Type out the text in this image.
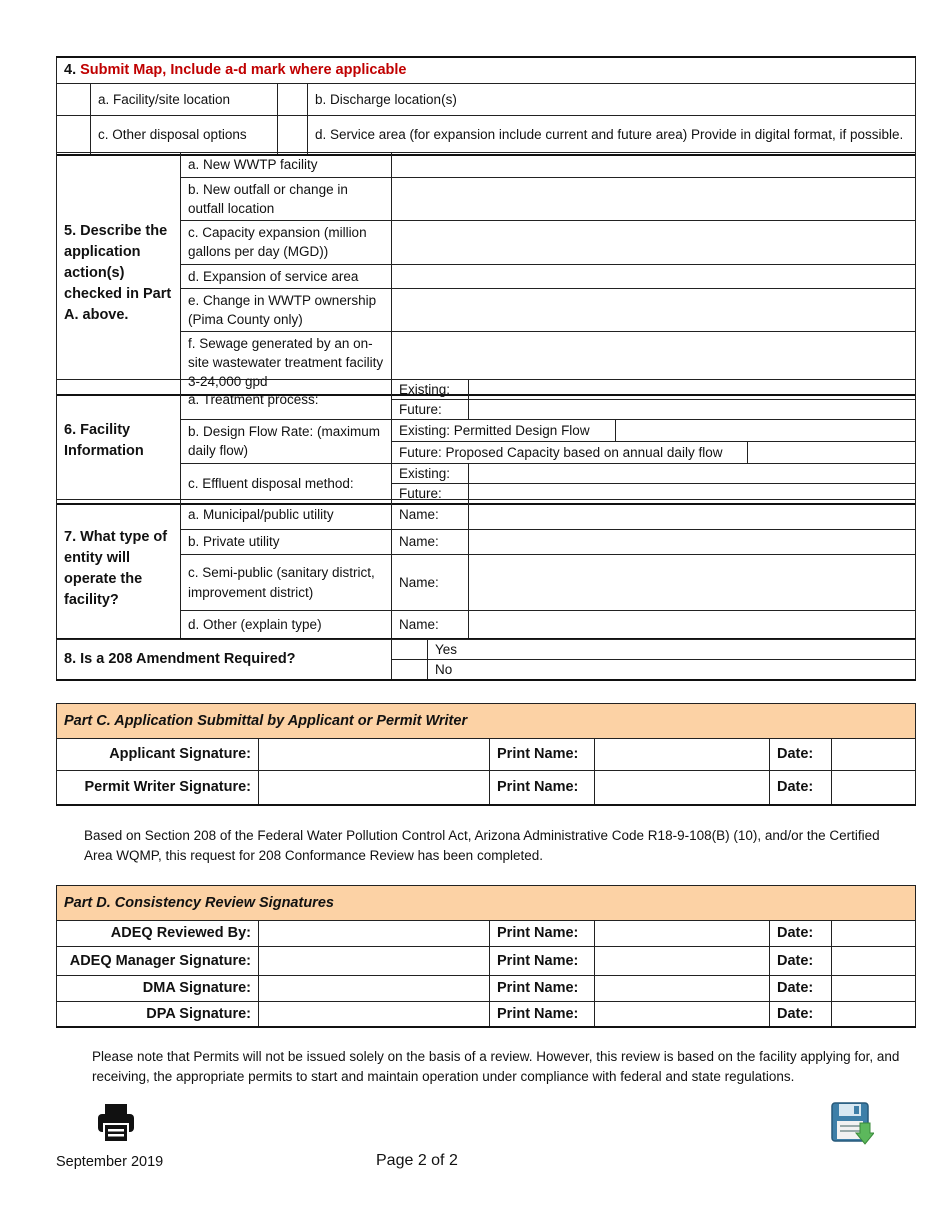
4. Submit Map, Include a-d mark where applicable			
	a. Facility/site location		b. Discharge location(s)
	c. Other disposal options		d. Service area (for expansion include current and future area) Provide in digital format, if possible.
5. Describe the application action(s) checked in Part A. above.	a. New WWTP facility	
	b. New outfall or change in outfall location	
	c. Capacity expansion (million gallons per day (MGD))	
	d. Expansion of service area	
	e. Change in WWTP ownership (Pima County only)	
	f. Sewage generated by an on-site wastewater treatment facility 3-24,000 gpd	
6. Facility Information	a. Treatment process:	Existing:			
		Future:			
	b. Design Flow Rate: (maximum daily flow)	Existing: Permitted Design Flow			
		Future: Proposed Capacity based on annual daily flow			
	c. Effluent disposal method:	Existing:			
		Future:			
7. What type of entity will operate the facility?	a. Municipal/public utility	Name:	
	b. Private utility	Name:	
	c. Semi-public (sanitary district, improvement district)	Name:	
	d. Other (explain type)	Name:	
8. Is a 208 Amendment Required?		Yes
		No
Part C. Application Submittal by Applicant or Permit Writer					
Applicant Signature:		Print Name:		Date:	
Permit Writer Signature:		Print Name:		Date:	
Based on Section 208 of the Federal Water Pollution Control Act, Arizona Administrative Code R18-9-108(B) (10), and/or the Certified Area WQMP, this request for 208 Conformance Review has been completed.
Part D. Consistency Review Signatures					
ADEQ Reviewed By:		Print Name:		Date:	
ADEQ Manager Signature:		Print Name:		Date:	
DMA Signature:		Print Name:		Date:	
DPA Signature:		Print Name:		Date:	
Please note that Permits will not be issued solely on the basis of a review. However, this review is based on the facility applying for, and receiving, the appropriate permits to start and maintain operation under compliance with federal and state regulations.
September 2019	Page 2 of 2
